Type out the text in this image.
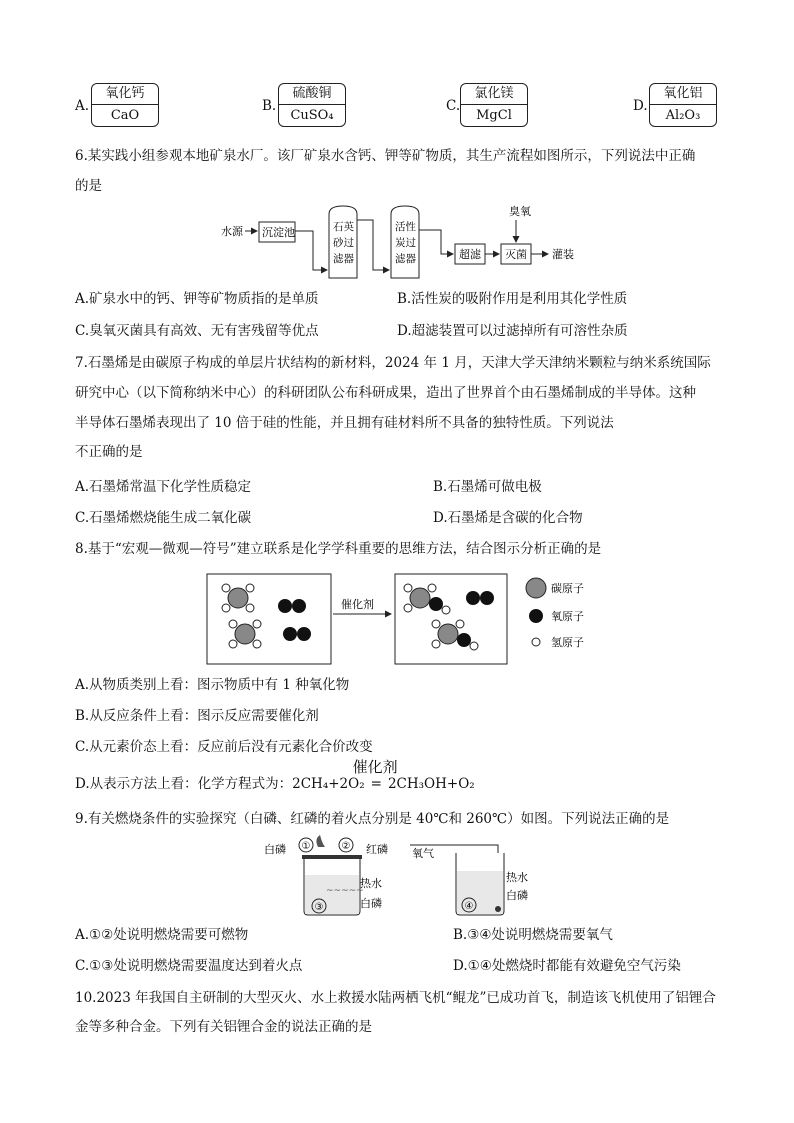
A.
氧化钙
CaO
B.
硫酸铜
CuSO₄
C.
氯化镁
MgCl
D.
氧化铝
Al₂O₃
6.某实践小组参观本地矿泉水厂。该厂矿泉水含钙、钾等矿物质，其生产流程如图所示，下列说法中正确
的是
水源 沉淀池	石英
砂过
滤器
活性
炭过
滤器	超滤 灭菌
臭氧
灌装
A.矿泉水中的钙、钾等矿物质指的是单质	B.活性炭的吸附作用是利用其化学性质
C.臭氧灭菌具有高效、无有害残留等优点	D.超滤装置可以过滤掉所有可溶性杂质
7.石墨烯是由碳原子构成的单层片状结构的新材料，2024 年 1 月，天津大学天津纳米颗粒与纳米系统国际
研究中心（以下简称纳米中心）的科研团队公布科研成果，造出了世界首个由石墨烯制成的半导体。这种
半导体石墨烯表现出了 10 倍于硅的性能，并且拥有硅材料所不具备的独特性质。下列说法
不正确的是
A.石墨烯常温下化学性质稳定	B.石墨烯可做电极
C.石墨烯燃烧能生成二氧化碳	D.石墨烯是含碳的化合物
8.基于“宏观—微观—符号”建立联系是化学学科重要的思维方法，结合图示分析正确的是
催化剂
碳原子
氧原子
氢原子
A.从物质类别上看：图示物质中有 1 种氧化物
B.从反应条件上看：图示反应需要催化剂
C.从元素价态上看：反应前后没有元素化合价改变
D.从表示方法上看：化学方程式为：2CH₄+2O₂
催化剂
= 2CH₃OH+O₂
9.有关燃烧条件的实验探究（白磷、红磷的着火点分别是 40℃和 260℃）如图。下列说法正确的是
白磷 ①	② 红磷
~~~~~
③
热水
白磷
氧气
④
热水
白磷
A.①②处说明燃烧需要可燃物	B.③④处说明燃烧需要氧气
C.①③处说明燃烧需要温度达到着火点	D.①④处燃烧时都能有效避免空气污染
10.2023 年我国自主研制的大型灭火、水上救援水陆两栖飞机“鲲龙”已成功首飞，制造该飞机使用了铝锂合
金等多种合金。下列有关铝锂合金的说法正确的是
